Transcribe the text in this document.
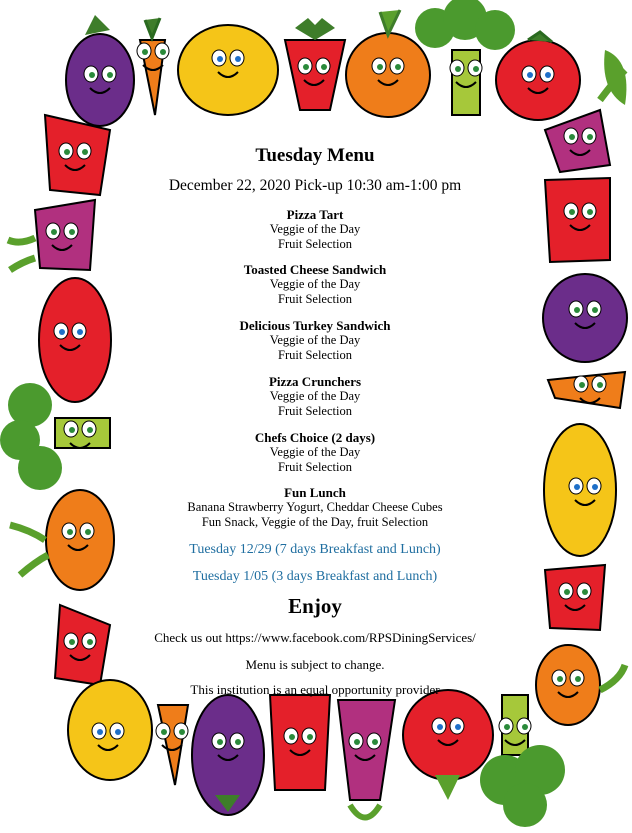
Tuesday Menu
December 22, 2020 Pick-up 10:30 am-1:00 pm
Pizza Tart
Veggie of the Day
Fruit Selection
Toasted Cheese Sandwich
Veggie of the Day
Fruit Selection
Delicious Turkey Sandwich
Veggie of the Day
Fruit Selection
Pizza Crunchers
Veggie of the Day
Fruit Selection
Chefs Choice (2 days)
Veggie of the Day
Fruit Selection
Fun Lunch
Banana Strawberry Yogurt, Cheddar Cheese Cubes
Fun Snack, Veggie of the Day, fruit Selection
Tuesday 12/29 (7 days Breakfast and Lunch)
Tuesday 1/05 (3 days Breakfast and Lunch)
Enjoy
Check us out https://www.facebook.com/RPSDiningServices/
Menu is subject to change.
This institution is an equal opportunity provider
